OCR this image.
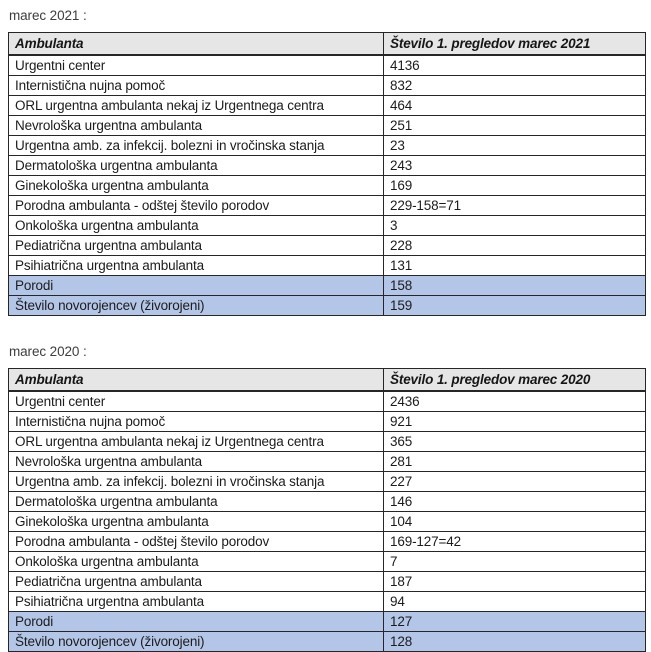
marec 2021 :

Ambulanta	Število 1. pregledov marec 2021
Urgentni center	4136
Internistična nujna pomoč	832
ORL urgentna ambulanta nekaj iz Urgentnega centra	464
Nevrološka urgentna ambulanta	251
Urgentna amb. za infekcij. bolezni in vročinska stanja	23
Dermatološka urgentna ambulanta	243
Ginekološka urgentna ambulanta	169
Porodna ambulanta - odštej število porodov	229-158=71
Onkološka urgentna ambulanta	3
Pediatrična urgentna ambulanta	228
Psihiatrična urgentna ambulanta	131
Porodi	158
Število novorojencev (živorojeni)	159

marec 2020 :

Ambulanta	Število 1. pregledov marec 2020
Urgentni center	2436
Internistična nujna pomoč	921
ORL urgentna ambulanta nekaj iz Urgentnega centra	365
Nevrološka urgentna ambulanta	281
Urgentna amb. za infekcij. bolezni in vročinska stanja	227
Dermatološka urgentna ambulanta	146
Ginekološka urgentna ambulanta	104
Porodna ambulanta - odštej število porodov	169-127=42
Onkološka urgentna ambulanta	7
Pediatrična urgentna ambulanta	187
Psihiatrična urgentna ambulanta	94
Porodi	127
Število novorojencev (živorojeni)	128
